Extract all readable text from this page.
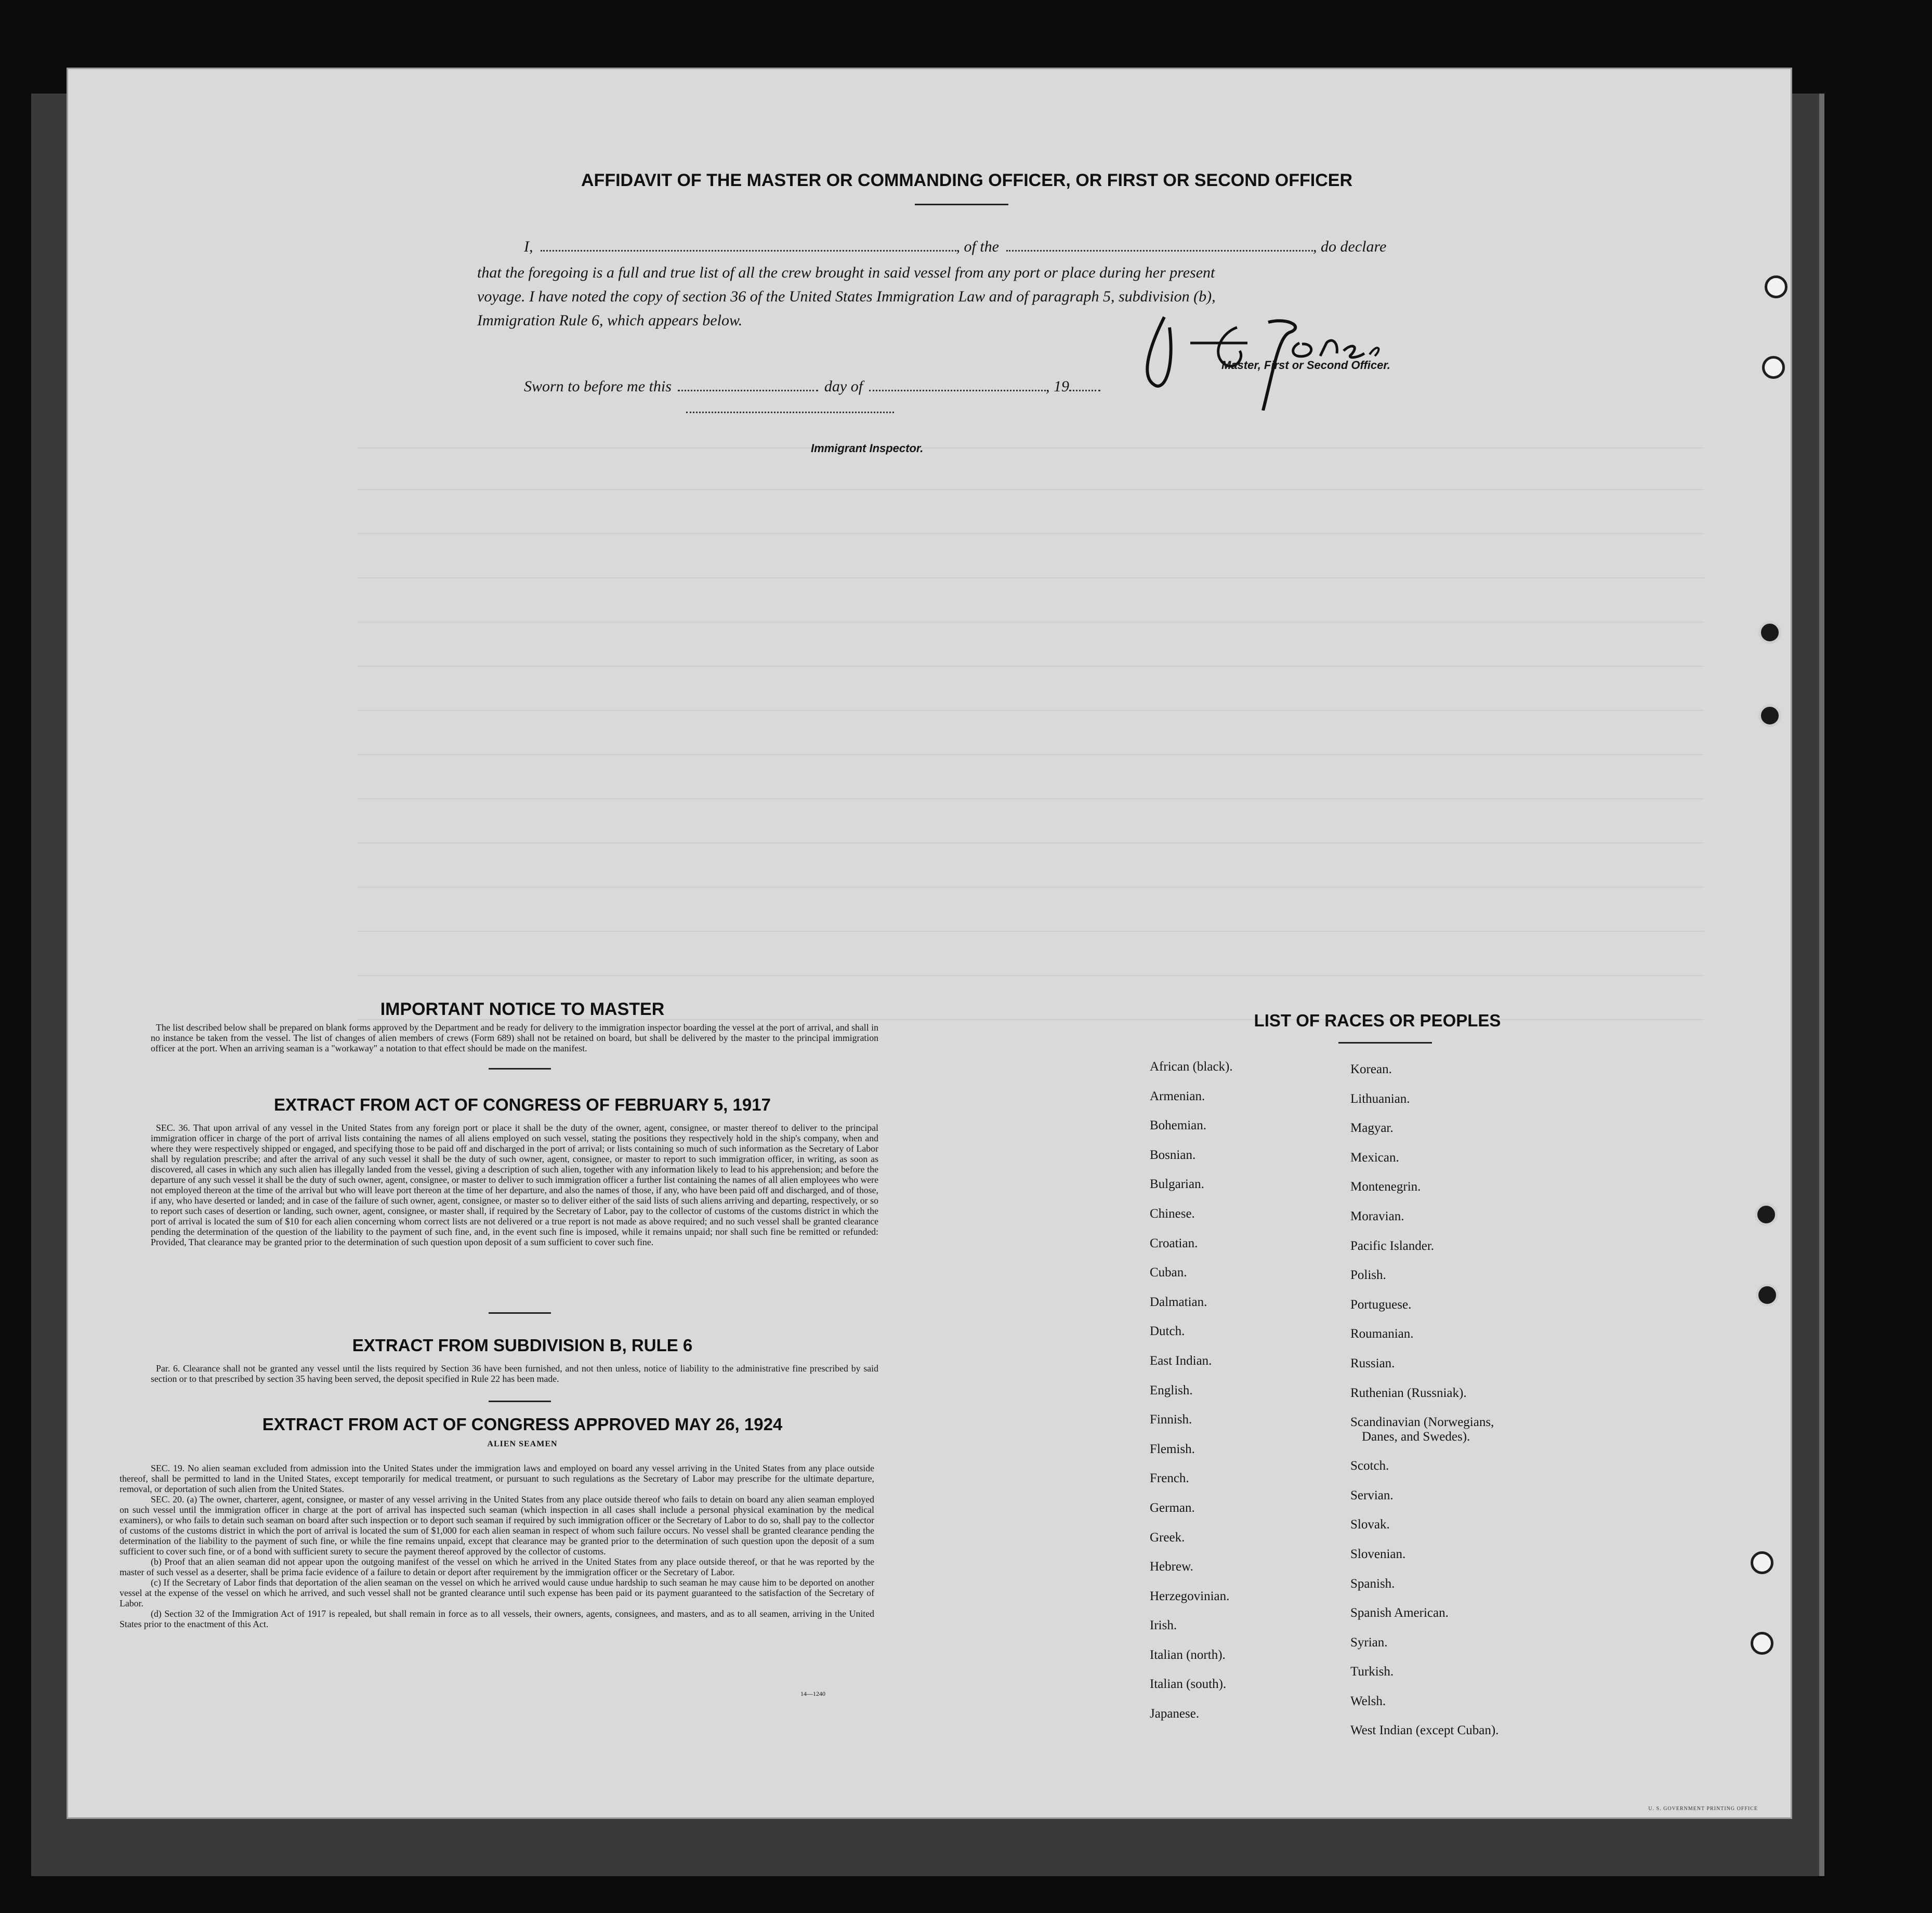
AFFIDAVIT OF THE MASTER OR COMMANDING OFFICER, OR FIRST OR SECOND OFFICER
I,	, of the	, do declare
that the foregoing is a full and true list of all the crew brought in said vessel from any port or place during her present
voyage. I have noted the copy of section 36 of the United States Immigration Law and of paragraph 5, subdivision (b),
Immigration Rule 6, which appears below.
Master, First or Second Officer.
Sworn to before me this	day of	, 19
Immigrant Inspector.
IMPORTANT NOTICE TO MASTER
The list described below shall be prepared on blank forms approved by the Department and be ready for delivery to the immigration inspector boarding the vessel at the port of arrival, and shall in no instance be taken from the vessel. The list of changes of alien members of crews (Form 689) shall not be retained on board, but shall be delivered by the master to the principal immigration officer at the port. When an arriving seaman is a "workaway" a notation to that effect should be made on the manifest.
EXTRACT FROM ACT OF CONGRESS OF FEBRUARY 5, 1917
SEC. 36. That upon arrival of any vessel in the United States from any foreign port or place it shall be the duty of the owner, agent, consignee, or master thereof to deliver to the principal immigration officer in charge of the port of arrival lists containing the names of all aliens employed on such vessel, stating the positions they respectively hold in the ship's company, when and where they were respectively shipped or engaged, and specifying those to be paid off and discharged in the port of arrival; or lists containing so much of such information as the Secretary of Labor shall by regulation prescribe; and after the arrival of any such vessel it shall be the duty of such owner, agent, consignee, or master to report to such immigration officer, in writing, as soon as discovered, all cases in which any such alien has illegally landed from the vessel, giving a description of such alien, together with any information likely to lead to his apprehension; and before the departure of any such vessel it shall be the duty of such owner, agent, consignee, or master to deliver to such immigration officer a further list containing the names of all alien employees who were not employed thereon at the time of the arrival but who will leave port thereon at the time of her departure, and also the names of those, if any, who have been paid off and discharged, and of those, if any, who have deserted or landed; and in case of the failure of such owner, agent, consignee, or master so to deliver either of the said lists of such aliens arriving and departing, respectively, or so to report such cases of desertion or landing, such owner, agent, consignee, or master shall, if required by the Secretary of Labor, pay to the collector of customs of the customs district in which the port of arrival is located the sum of $10 for each alien concerning whom correct lists are not delivered or a true report is not made as above required; and no such vessel shall be granted clearance pending the determination of the question of the liability to the payment of such fine, and, in the event such fine is imposed, while it remains unpaid; nor shall such fine be remitted or refunded: Provided, That clearance may be granted prior to the determination of such question upon deposit of a sum sufficient to cover such fine.
EXTRACT FROM SUBDIVISION B, RULE 6
Par. 6. Clearance shall not be granted any vessel until the lists required by Section 36 have been furnished, and not then unless, notice of liability to the administrative fine prescribed by said section or to that prescribed by section 35 having been served, the deposit specified in Rule 22 has been made.
EXTRACT FROM ACT OF CONGRESS APPROVED MAY 26, 1924
ALIEN SEAMEN
SEC. 19. No alien seaman excluded from admission into the United States under the immigration laws and employed on board any vessel arriving in the United States from any place outside thereof, shall be permitted to land in the United States, except temporarily for medical treatment, or pursuant to such regulations as the Secretary of Labor may prescribe for the ultimate departure, removal, or deportation of such alien from the United States.
SEC. 20. (a) The owner, charterer, agent, consignee, or master of any vessel arriving in the United States from any place outside thereof who fails to detain on board any alien seaman employed on such vessel until the immigration officer in charge at the port of arrival has inspected such seaman (which inspection in all cases shall include a personal physical examination by the medical examiners), or who fails to detain such seaman on board after such inspection or to deport such seaman if required by such immigration officer or the Secretary of Labor to do so, shall pay to the collector of customs of the customs district in which the port of arrival is located the sum of $1,000 for each alien seaman in respect of whom such failure occurs. No vessel shall be granted clearance pending the determination of the liability to the payment of such fine, or while the fine remains unpaid, except that clearance may be granted prior to the determination of such question upon the deposit of a sum sufficient to cover such fine, or of a bond with sufficient surety to secure the payment thereof approved by the collector of customs.
(b) Proof that an alien seaman did not appear upon the outgoing manifest of the vessel on which he arrived in the United States from any place outside thereof, or that he was reported by the master of such vessel as a deserter, shall be prima facie evidence of a failure to detain or deport after requirement by the immigration officer or the Secretary of Labor.
(c) If the Secretary of Labor finds that deportation of the alien seaman on the vessel on which he arrived would cause undue hardship to such seaman he may cause him to be deported on another vessel at the expense of the vessel on which he arrived, and such vessel shall not be granted clearance until such expense has been paid or its payment guaranteed to the satisfaction of the Secretary of Labor.
(d) Section 32 of the Immigration Act of 1917 is repealed, but shall remain in force as to all vessels, their owners, agents, consignees, and masters, and as to all seamen, arriving in the United States prior to the enactment of this Act.
14—1240
LIST OF RACES OR PEOPLES
African (black).
Armenian.
Bohemian.
Bosnian.
Bulgarian.
Chinese.
Croatian.
Cuban.
Dalmatian.
Dutch.
East Indian.
English.
Finnish.
Flemish.
French.
German.
Greek.
Hebrew.
Herzegovinian.
Irish.
Italian (north).
Italian (south).
Japanese.
Korean.
Lithuanian.
Magyar.
Mexican.
Montenegrin.
Moravian.
Pacific Islander.
Polish.
Portuguese.
Roumanian.
Russian.
Ruthenian (Russniak).
Scandinavian (Norwegians,
Danes, and Swedes).
Scotch.
Servian.
Slovak.
Slovenian.
Spanish.
Spanish American.
Syrian.
Turkish.
Welsh.
West Indian (except Cuban).
U. S. GOVERNMENT PRINTING OFFICE
